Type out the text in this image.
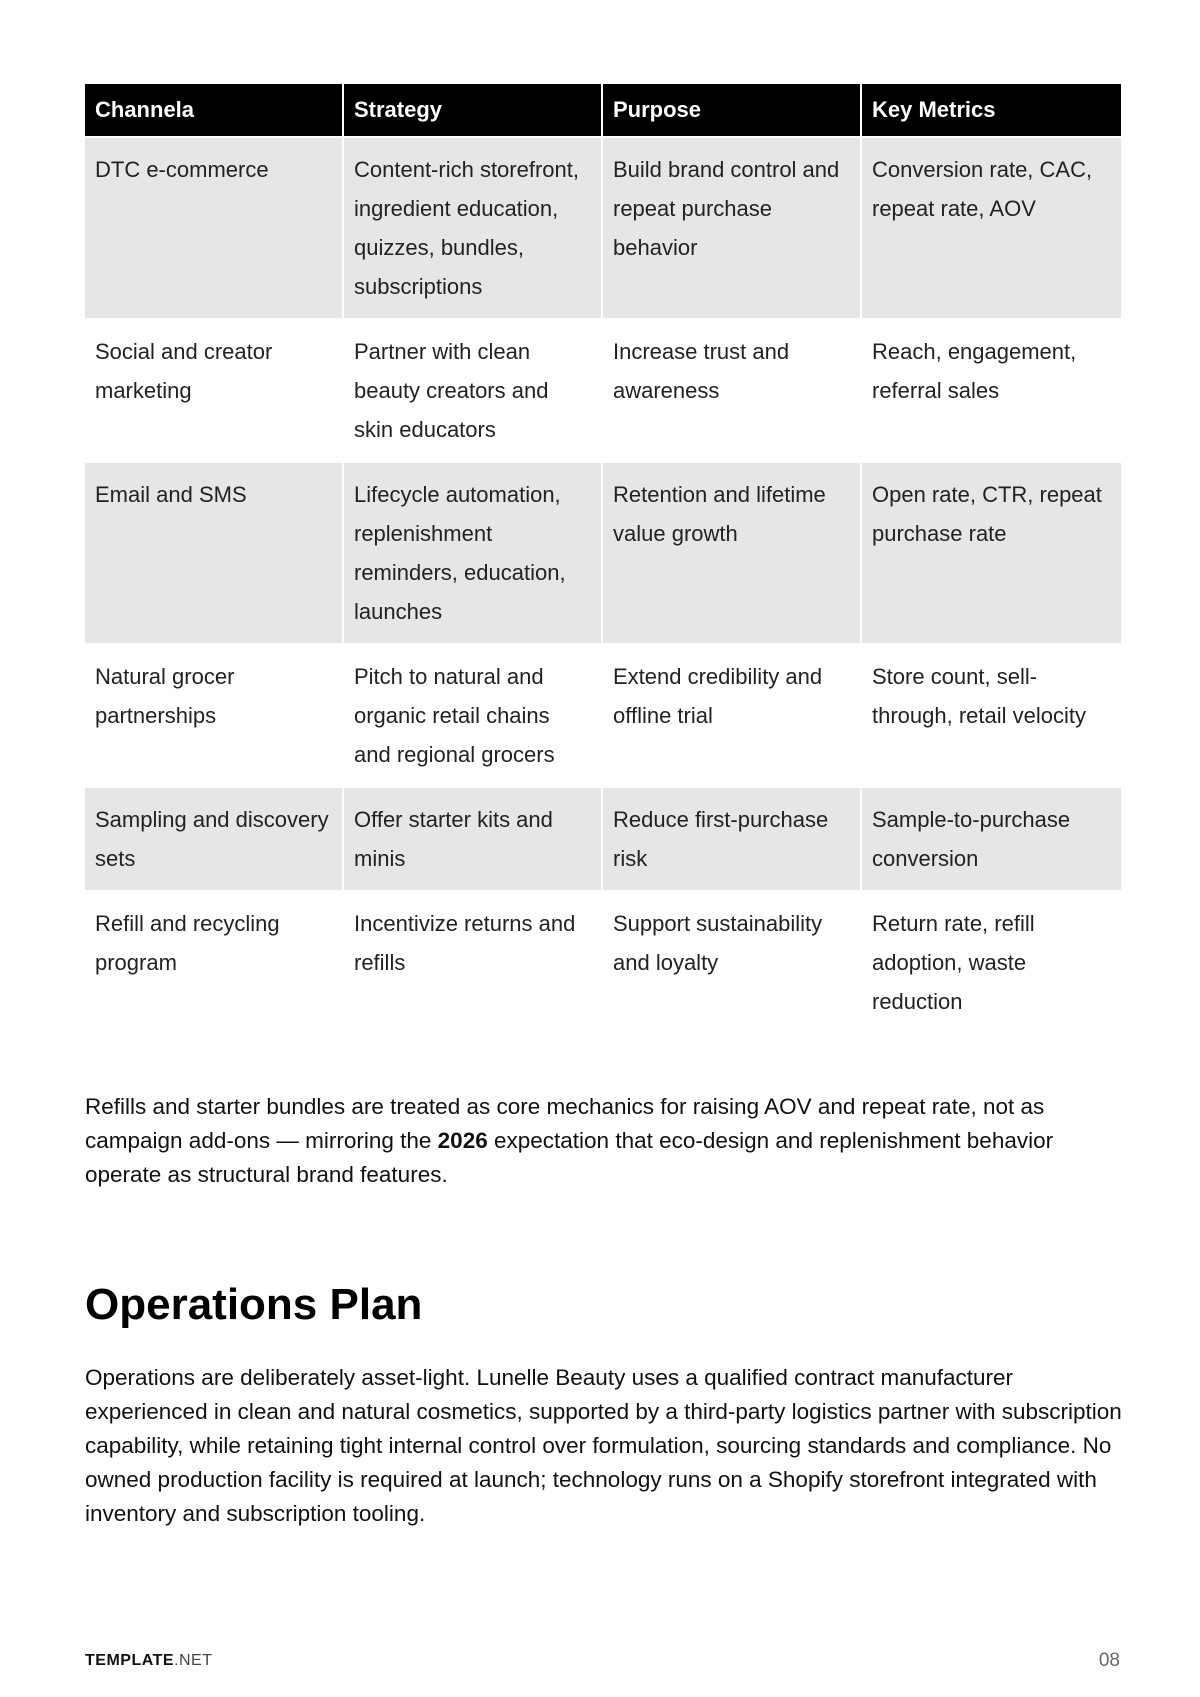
Channela	Strategy	Purpose	Key Metrics
DTC e-commerce	Content-rich storefront, ingredient education, quizzes, bundles, subscriptions	Build brand control and repeat purchase behavior	Conversion rate, CAC, repeat rate, AOV
Social and creator marketing	Partner with clean beauty creators and skin educators	Increase trust and awareness	Reach, engagement, referral sales
Email and SMS	Lifecycle automation, replenishment reminders, education, launches	Retention and lifetime value growth	Open rate, CTR, repeat purchase rate
Natural grocer partnerships	Pitch to natural and organic retail chains and regional grocers	Extend credibility and offline trial	Store count, sell-through, retail velocity
Sampling and discovery sets	Offer starter kits and minis	Reduce first-purchase risk	Sample-to-purchase conversion
Refill and recycling program	Incentivize returns and refills	Support sustainability and loyalty	Return rate, refill adoption, waste reduction

Refills and starter bundles are treated as core mechanics for raising AOV and repeat rate, not as campaign add-ons — mirroring the 2026 expectation that eco-design and replenishment behavior operate as structural brand features.

Operations Plan

Operations are deliberately asset-light. Lunelle Beauty uses a qualified contract manufacturer experienced in clean and natural cosmetics, supported by a third-party logistics partner with subscription capability, while retaining tight internal control over formulation, sourcing standards and compliance. No owned production facility is required at launch; technology runs on a Shopify storefront integrated with inventory and subscription tooling.

TEMPLATE.NET	08
